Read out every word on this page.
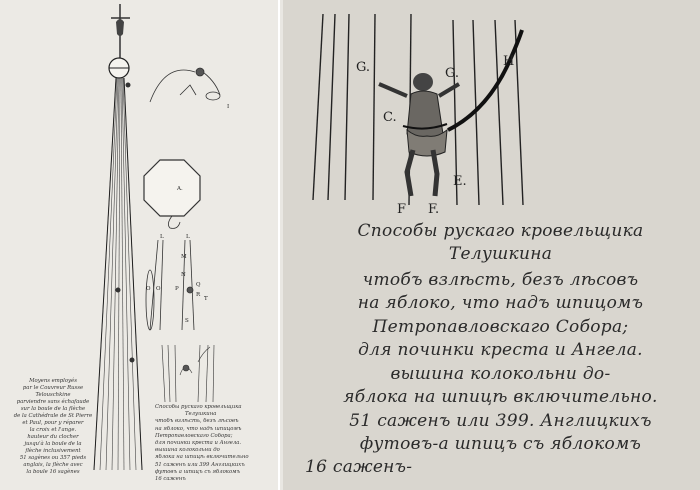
A.
L	L
M
N
O O	P
Q
R
S
T
I
Moyens employés
par le Couvreur Russe
Telouschkine
parviendre sans échafaude
sur la boule de la flèche
de la Cathédrale de St Pierre
et Paul, pour y réparer
la croix et l'ange.
hauteur du clocher
jusqu'à la boule de la
flèche inclusivement
51 sagènes ou 357 pieds
anglais, la flèche avec
la boule 16 sagènes
Способы рускаго кровельщика
Телушкина
чтобъ взлѣсть, безъ лѣсовъ
на яблоко, что надъ шпицомъ
Петропавловскаго Собора;
для починки креста и Ангела.
вышина колокольни до
яблока на шпицѣ включительно
51 саженъ или 399 Англицкихъ
футовъ а шпицъ съ яблокомъ
16 саженъ
G.	G.
H
C.
E.
F F.
Способы рускаго кровельщика
Телушкина
чтобъ взлѣсть, безъ лѣсовъ
на яблоко, что надъ шпицомъ
Петропавловскаго Собора;
для починки креста и Ангела.
вышина колокольни до-
яблока на шпицѣ включительно.
51 саженъ или 399. Англицкихъ
футовъ-а шпицъ съ яблокомъ
16 саженъ-
